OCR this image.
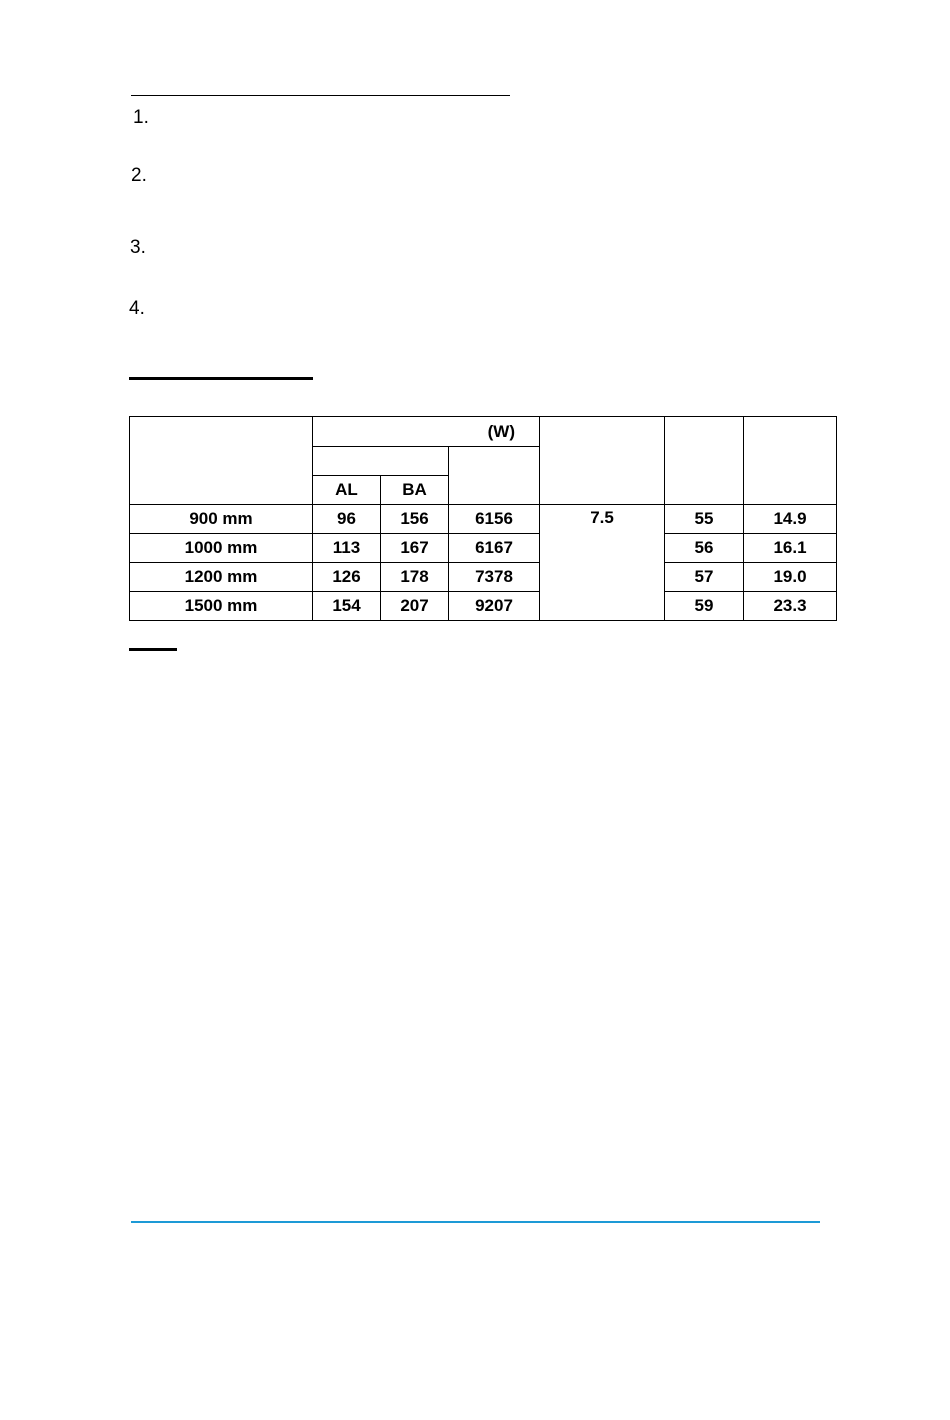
1.
2.
3.
4.
	(W)					

	AL	BA				
900 mm	96	156	6156	7.5	55	14.9
1000 mm	113	167	6167		56	16.1
1200 mm	126	178	7378		57	19.0
1500 mm	154	207	9207		59	23.3
